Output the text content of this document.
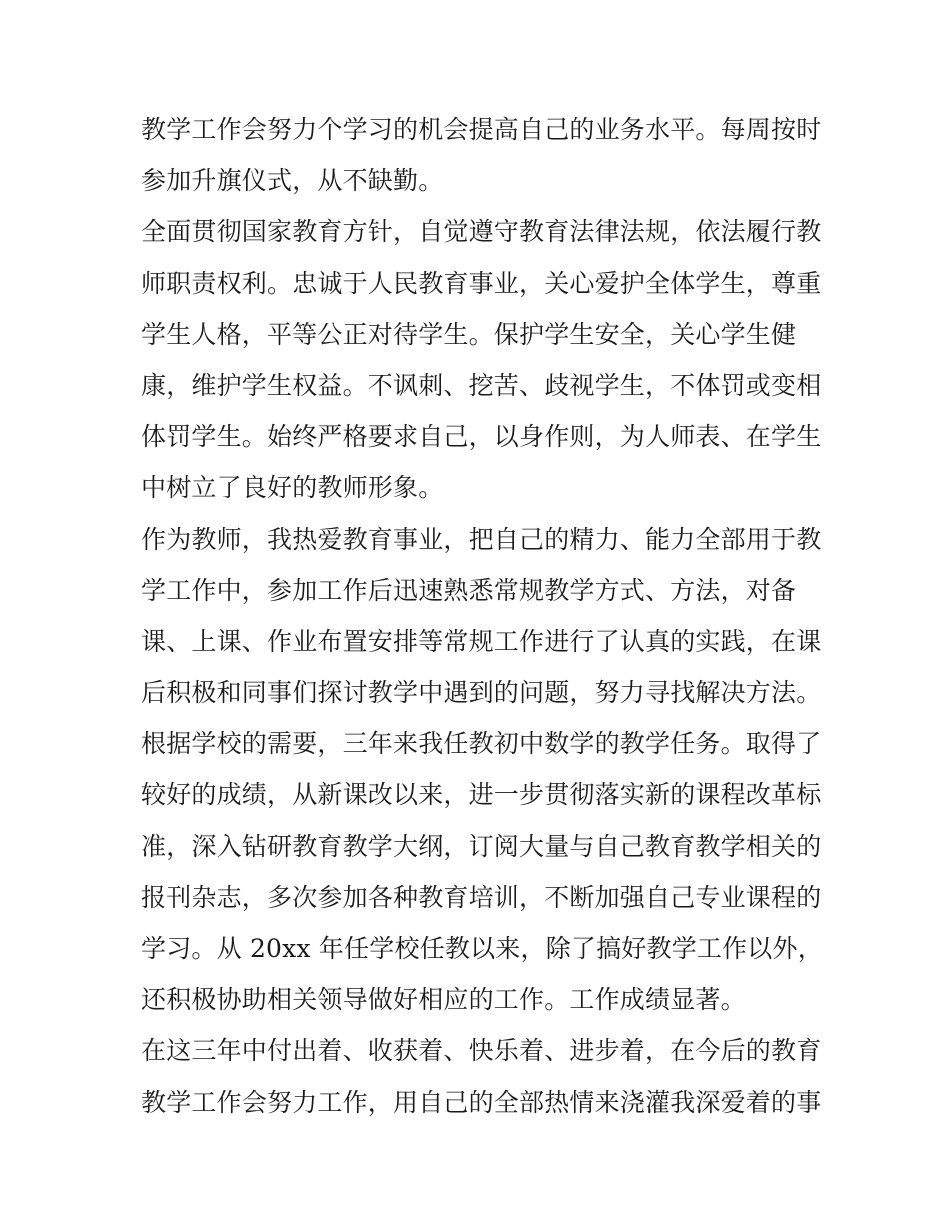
教学工作会努力个学习的机会提高自己的业务水平。每周按时
参加升旗仪式，从不缺勤。
全面贯彻国家教育方针，自觉遵守教育法律法规，依法履行教
师职责权利。忠诚于人民教育事业，关心爱护全体学生，尊重
学生人格，平等公正对待学生。保护学生安全，关心学生健
康，维护学生权益。不讽刺、挖苦、歧视学生，不体罚或变相
体罚学生。始终严格要求自己，以身作则，为人师表、在学生
中树立了良好的教师形象。
作为教师，我热爱教育事业，把自己的精力、能力全部用于教
学工作中，参加工作后迅速熟悉常规教学方式、方法，对备
课、上课、作业布置安排等常规工作进行了认真的实践，在课
后积极和同事们探讨教学中遇到的问题，努力寻找解决方法。
根据学校的需要，三年来我任教初中数学的教学任务。取得了
较好的成绩，从新课改以来，进一步贯彻落实新的课程改革标
准，深入钻研教育教学大纲，订阅大量与自己教育教学相关的
报刊杂志，多次参加各种教育培训，不断加强自己专业课程的
学习。从 20xx 年任学校任教以来，除了搞好教学工作以外，
还积极协助相关领导做好相应的工作。工作成绩显著。
在这三年中付出着、收获着、快乐着、进步着，在今后的教育
教学工作会努力工作，用自己的全部热情来浇灌我深爱着的事
